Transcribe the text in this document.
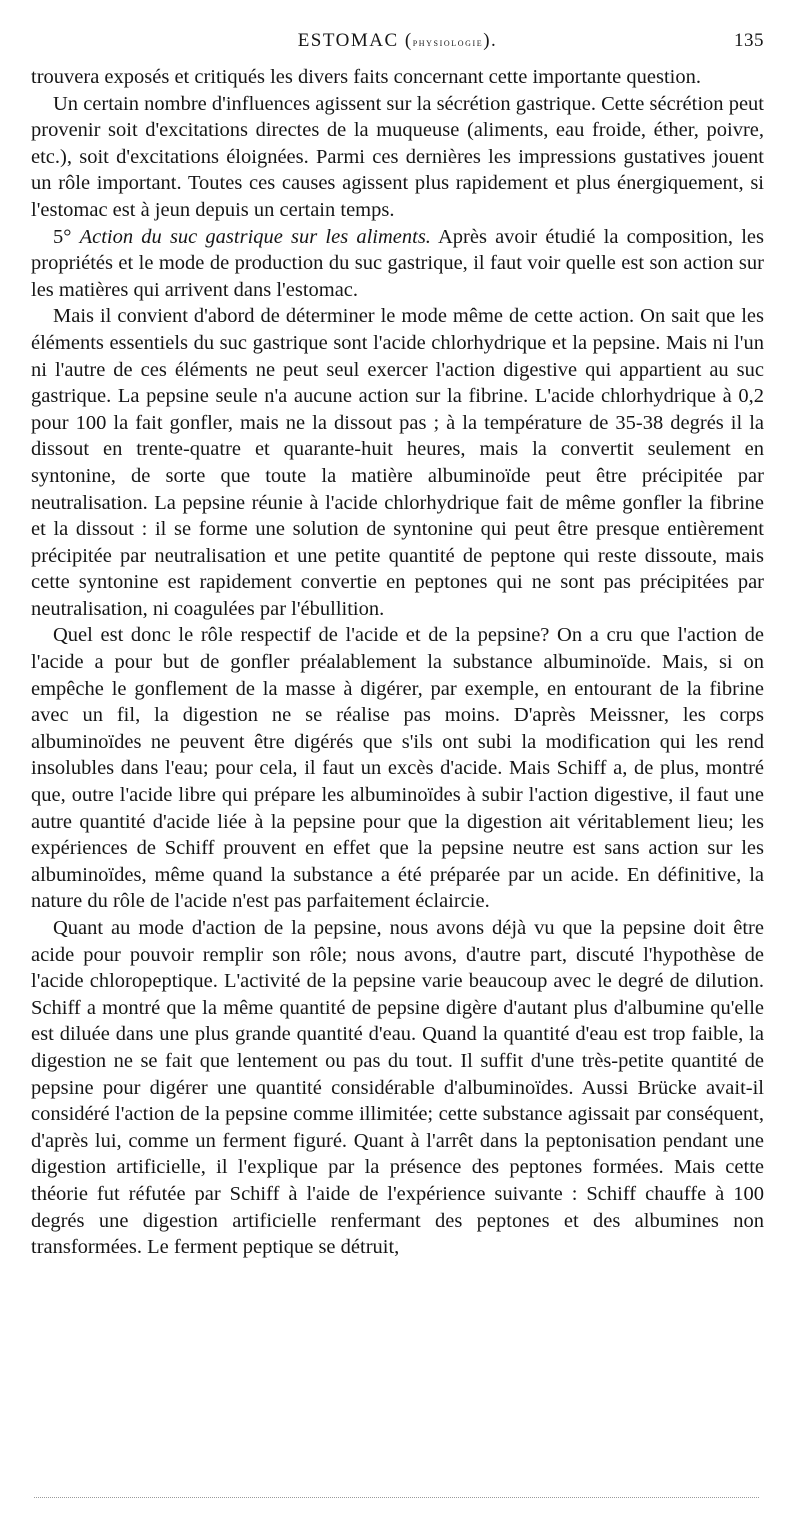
ESTOMAC (physiologie).	135

trouvera exposés et critiqués les divers faits concernant cette importante question.

Un certain nombre d'influences agissent sur la sécrétion gastrique. Cette sécrétion peut provenir soit d'excitations directes de la muqueuse (aliments, eau froide, éther, poivre, etc.), soit d'excitations éloignées. Parmi ces dernières les impressions gustatives jouent un rôle important. Toutes ces causes agissent plus rapidement et plus énergiquement, si l'estomac est à jeun depuis un certain temps.

5° Action du suc gastrique sur les aliments. Après avoir étudié la composition, les propriétés et le mode de production du suc gastrique, il faut voir quelle est son action sur les matières qui arrivent dans l'estomac.

Mais il convient d'abord de déterminer le mode même de cette action. On sait que les éléments essentiels du suc gastrique sont l'acide chlorhydrique et la pepsine. Mais ni l'un ni l'autre de ces éléments ne peut seul exercer l'action digestive qui appartient au suc gastrique. La pepsine seule n'a aucune action sur la fibrine. L'acide chlorhydrique à 0,2 pour 100 la fait gonfler, mais ne la dissout pas ; à la température de 35-38 degrés il la dissout en trente-quatre et quarante-huit heures, mais la convertit seulement en syntonine, de sorte que toute la matière albuminoïde peut être précipitée par neutralisation. La pepsine réunie à l'acide chlorhydrique fait de même gonfler la fibrine et la dissout : il se forme une solution de syntonine qui peut être presque entièrement précipitée par neutralisation et une petite quantité de peptone qui reste dissoute, mais cette syntonine est rapidement convertie en peptones qui ne sont pas précipitées par neutralisation, ni coagulées par l'ébullition.

Quel est donc le rôle respectif de l'acide et de la pepsine? On a cru que l'action de l'acide a pour but de gonfler préalablement la substance albuminoïde. Mais, si on empêche le gonflement de la masse à digérer, par exemple, en entourant de la fibrine avec un fil, la digestion ne se réalise pas moins. D'après Meissner, les corps albuminoïdes ne peuvent être digérés que s'ils ont subi la modification qui les rend insolubles dans l'eau; pour cela, il faut un excès d'acide. Mais Schiff a, de plus, montré que, outre l'acide libre qui prépare les albuminoïdes à subir l'action digestive, il faut une autre quantité d'acide liée à la pepsine pour que la digestion ait véritablement lieu; les expériences de Schiff prouvent en effet que la pepsine neutre est sans action sur les albuminoïdes, même quand la substance a été préparée par un acide. En définitive, la nature du rôle de l'acide n'est pas parfaitement éclaircie.

Quant au mode d'action de la pepsine, nous avons déjà vu que la pepsine doit être acide pour pouvoir remplir son rôle; nous avons, d'autre part, discuté l'hypothèse de l'acide chloropeptique. L'activité de la pepsine varie beaucoup avec le degré de dilution. Schiff a montré que la même quantité de pepsine digère d'autant plus d'albumine qu'elle est diluée dans une plus grande quantité d'eau. Quand la quantité d'eau est trop faible, la digestion ne se fait que lentement ou pas du tout. Il suffit d'une très-petite quantité de pepsine pour digérer une quantité considérable d'albuminoïdes. Aussi Brücke avait-il considéré l'action de la pepsine comme illimitée; cette substance agissait par conséquent, d'après lui, comme un ferment figuré. Quant à l'arrêt dans la peptonisation pendant une digestion artificielle, il l'explique par la présence des peptones formées. Mais cette théorie fut réfutée par Schiff à l'aide de l'expérience suivante : Schiff chauffe à 100 degrés une digestion artificielle renfermant des peptones et des albumines non transformées. Le ferment peptique se détruit,
